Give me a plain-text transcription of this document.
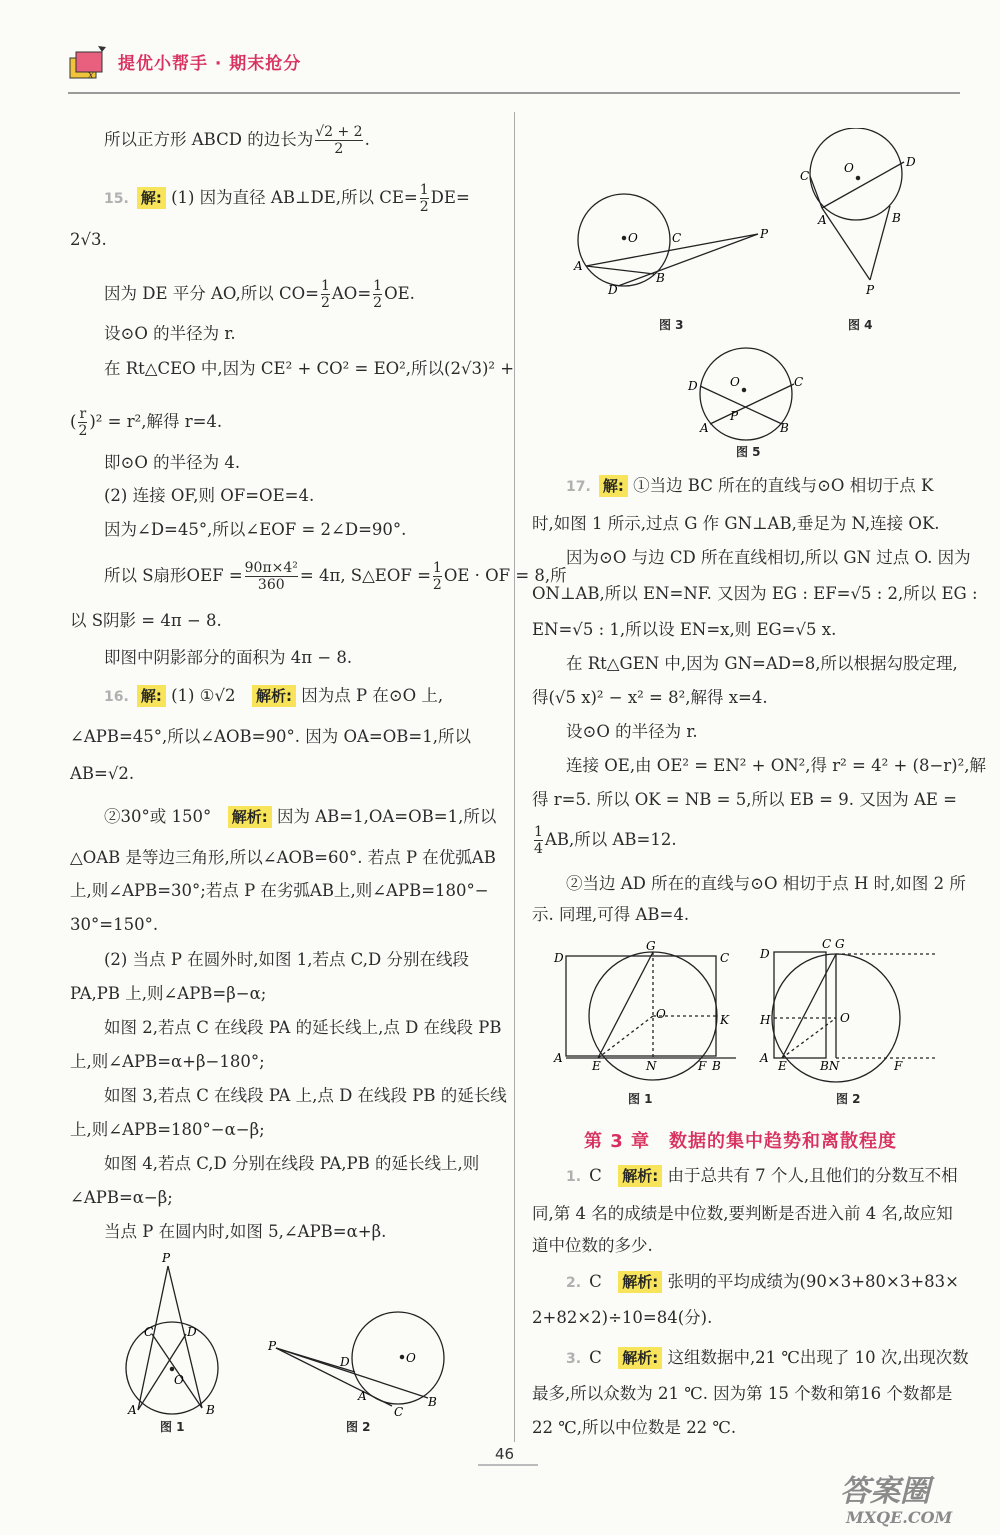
x
提优小帮手 · 期末抢分
所以正方形 ABCD 的边长为 $\frac{√2 + 2}{2}$ .
15. 解: (1) 因为直径 AB⊥DE,所以 $CE= \frac{1}{2} DE=$
2√3.
因为 DE 平分 AO,所以 $CO= \frac{1}{2} AO= \frac{1}{2}$ OE.
设⊙O 的半径为 r.
在 Rt△CEO 中,因为 CE² + CO² = EO²,所以(2√3)² +
( $\frac{r}{2} )^2 = r^2$,解得 r=4.
即⊙O 的半径为 4.
(2) 连接 OF,则 OF=OE=4.
因为∠D=45°,所以∠EOF = 2∠D=90°.
所以 S扇形OEF = $\frac{\text{90π×4²}}{360} = 4\pi$, S△EOF = $\frac{1}{2}$ OE · OF = 8,所
以 S阴影 = 4π − 8.
即图中阴影部分的面积为 4π − 8.
16. 解: (1) ①√2　 解析: 因为点 P 在⊙O 上,
∠APB=45°,所以∠AOB=90°. 因为 OA=OB=1,所以
AB=√2.
②30°或 150°　 解析: 因为 AB=1,OA=OB=1,所以
△OAB 是等边三角形,所以∠AOB=60°. 若点 P 在优弧AB
上,则∠APB=30°;若点 P 在劣弧AB上,则∠APB=180°−
30°=150°.
(2) 当点 P 在圆外时,如图 1,若点 C,D 分别在线段
PA,PB 上,则∠APB=β−α;
如图 2,若点 C 在线段 PA 的延长线上,点 D 在线段 PB
上,则∠APB=α+β−180°;
如图 3,若点 C 在线段 PA 上,点 D 在线段 PB 的延长线
上,则∠APB=180°−α−β;
如图 4,若点 C,D 分别在线段 PA,PB 的延长线上,则
∠APB=α−β;
当点 P 在圆内时,如图 5,∠APB=α+β.
P
C	D
O
A	B
P
D	O
A
C
B
图 1	图 2
O	C	P
A
D
B
O	D
C
A	B
P
D	O	C
P
A	B
图 3	图 4
图 5
17. 解: ①当边 BC 所在的直线与⊙O 相切于点 K
时,如图 1 所示,过点 G 作 GN⊥AB,垂足为 N,连接 OK.
因为⊙O 与边 CD 所在直线相切,所以 GN 过点 O. 因为
ON⊥AB,所以 EN=NF. 又因为 EG : EF=√5 : 2,所以 EG :
EN=√5 : 1,所以设 EN=x,则 EG=√5 x.
在 Rt△GEN 中,因为 GN=AD=8,所以根据勾股定理,
得(√5 x)² − x² = 8²,解得 x=4.
设⊙O 的半径为 r.
连接 OE,由 OE² = EN² + ON²,得 r² = 4² + (8−r)²,解
得 r=5. 所以 OK = NB = 5,所以 EB = 9. 又因为 AE =
$\frac{1}{4}$ AB,所以 AB=12.
②当边 AD 所在的直线与⊙O 相切于点 H 时,如图 2 所
示. 同理,可得 AB=4.
D
G
C
O	K
A
E	N	F B
D
C G
H	O
A
E	BN	F
图 1	图 2
第 3 章　数据的集中趋势和离散程度
1. C　 解析: 由于总共有 7 个人,且他们的分数互不相
同,第 4 名的成绩是中位数,要判断是否进入前 4 名,故应知
道中位数的多少.
2. C　 解析: 张明的平均成绩为(90×3+80×3+83×
2+82×2)÷10=84(分).
3. C　 解析: 这组数据中,21 ℃出现了 10 次,出现次数
最多,所以众数为 21 ℃. 因为第 15 个数和第16 个数都是
22 ℃,所以中位数是 22 ℃.
46
答案圈
MXQE.COM
